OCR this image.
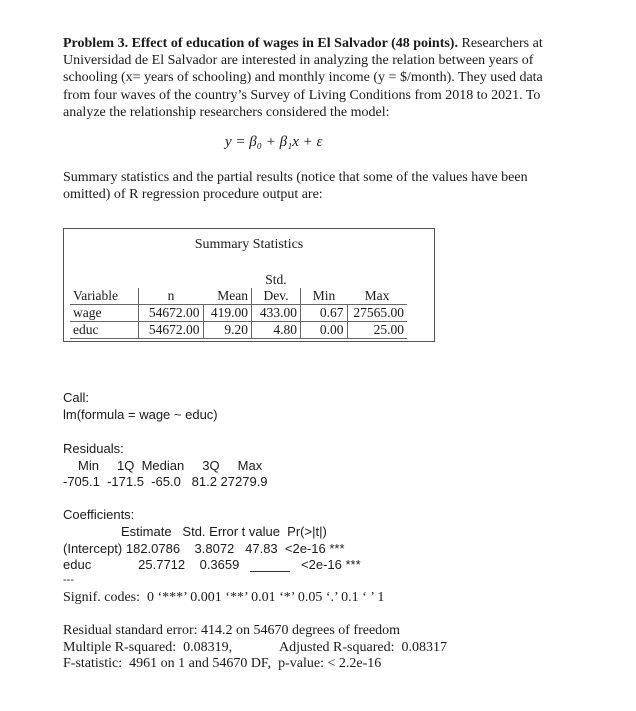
Problem 3. Effect of education of wages in El Salvador (48 points). Researchers at Universidad de El Salvador are interested in analyzing the relation between years of schooling (x= years of schooling) and monthly income (y = $/month). They used data from four waves of the country’s Survey of Living Conditions from 2018 to 2021. To analyze the relationship researchers considered the model:
y = β₀ + β₁x + ε
Summary statistics and the partial results (notice that some of the values have been omitted) of R regression procedure output are:
Summary Statistics
			Std.		
Variable	n	Mean	Dev.	Min	Max
wage	54672.00	419.00	433.00	0.67	27565.00
educ	54672.00	9.20	4.80	0.00	25.00
Call:
lm(formula = wage ~ educ)
Residuals:
Min     1Q  Median     3Q     Max
-705.1  -171.5  -65.0   81.2 27279.9
Coefficients:
Estimate   Std. Error t value  Pr(>|t|)
(Intercept) 182.0786    3.8072   47.83  <2e-16 ***
educ             25.7712    0.3659	<2e-16 ***
---
Signif. codes:  0 ‘***’ 0.001 ‘**’ 0.01 ‘*’ 0.05 ‘.’ 0.1 ‘ ’ 1
Residual standard error: 414.2 on 54670 degrees of freedom
Multiple R-squared:  0.08319,	Adjusted R-squared:  0.08317
F-statistic:  4961 on 1 and 54670 DF,  p-value: < 2.2e-16
